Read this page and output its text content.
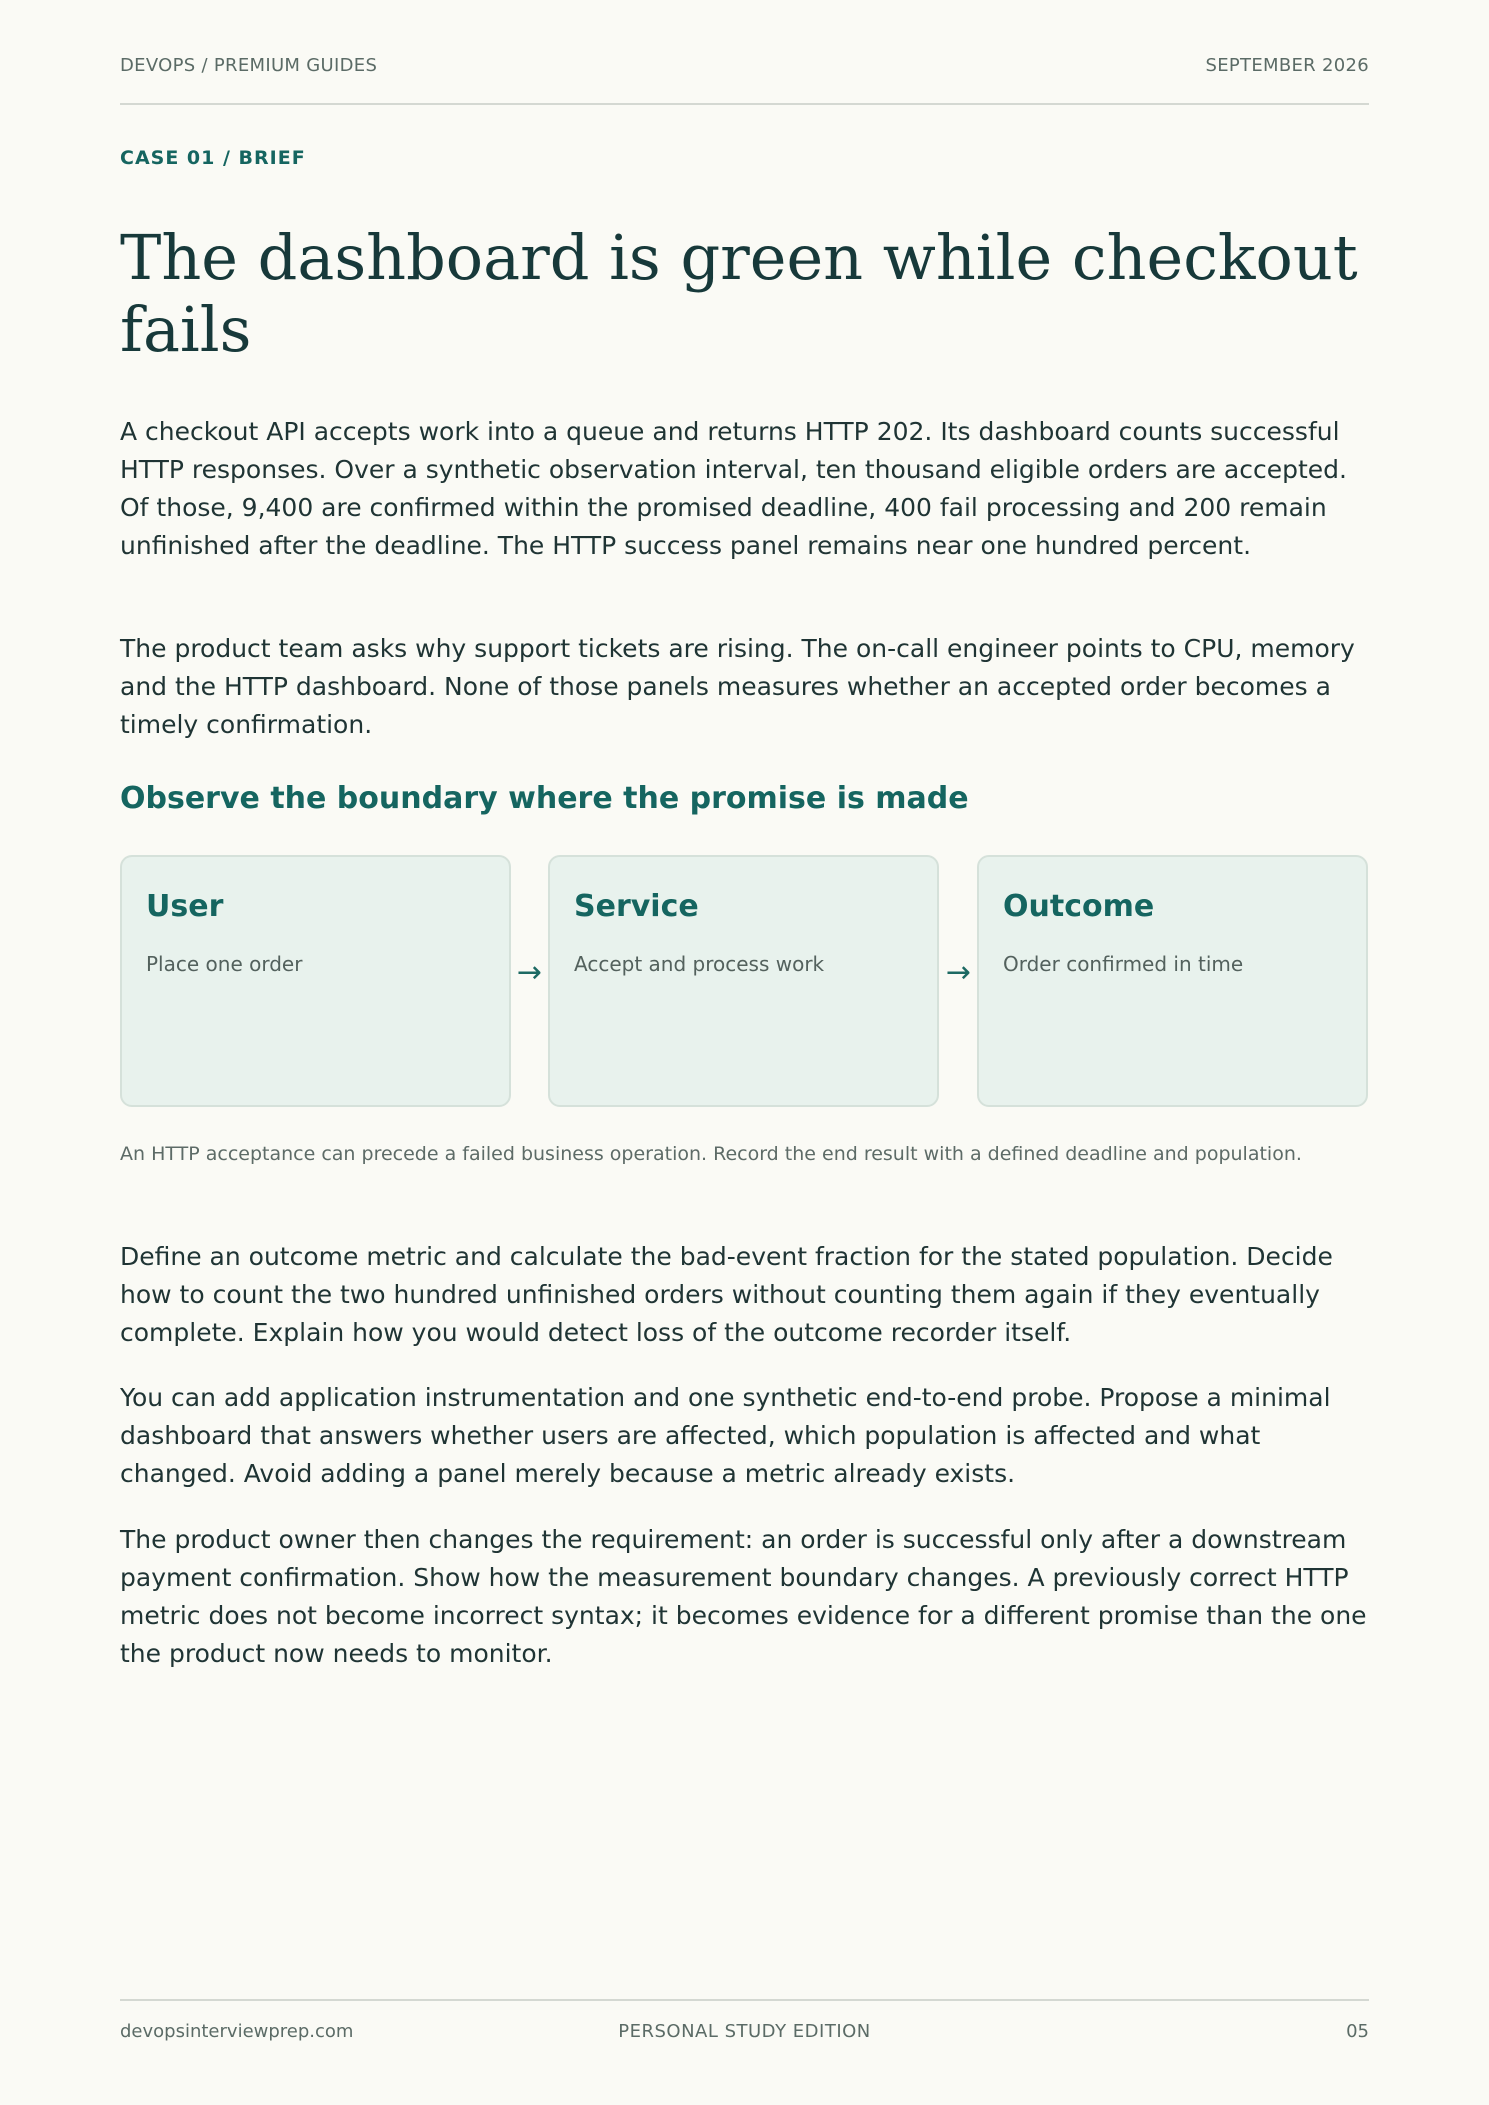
DEVOPS / PREMIUM GUIDES	SEPTEMBER 2026
CASE 01 / BRIEF
The dashboard is green while checkout fails

A checkout API accepts work into a queue and returns HTTP 202. Its dashboard counts successful HTTP responses. Over a synthetic observation interval, ten thousand eligible orders are accepted. Of those, 9,400 are confirmed within the promised deadline, 400 fail processing and 200 remain unfinished after the deadline. The HTTP success panel remains near one hundred percent.

The product team asks why support tickets are rising. The on-call engineer points to CPU, memory and the HTTP dashboard. None of those panels measures whether an accepted order becomes a timely confirmation.

Observe the boundary where the promise is made
User
Place one order	→
Service
Accept and process work	→
Outcome
Order confirmed in time

An HTTP acceptance can precede a failed business operation. Record the end result with a defined deadline and population.

Define an outcome metric and calculate the bad-event fraction for the stated population. Decide how to count the two hundred unfinished orders without counting them again if they eventually complete. Explain how you would detect loss of the outcome recorder itself.

You can add application instrumentation and one synthetic end-to-end probe. Propose a minimal dashboard that answers whether users are affected, which population is affected and what changed. Avoid adding a panel merely because a metric already exists.

The product owner then changes the requirement: an order is successful only after a downstream payment confirmation. Show how the measurement boundary changes. A previously correct HTTP metric does not become incorrect syntax; it becomes evidence for a different promise than the one the product now needs to monitor.

devopsinterviewprep.com	PERSONAL STUDY EDITION	05
